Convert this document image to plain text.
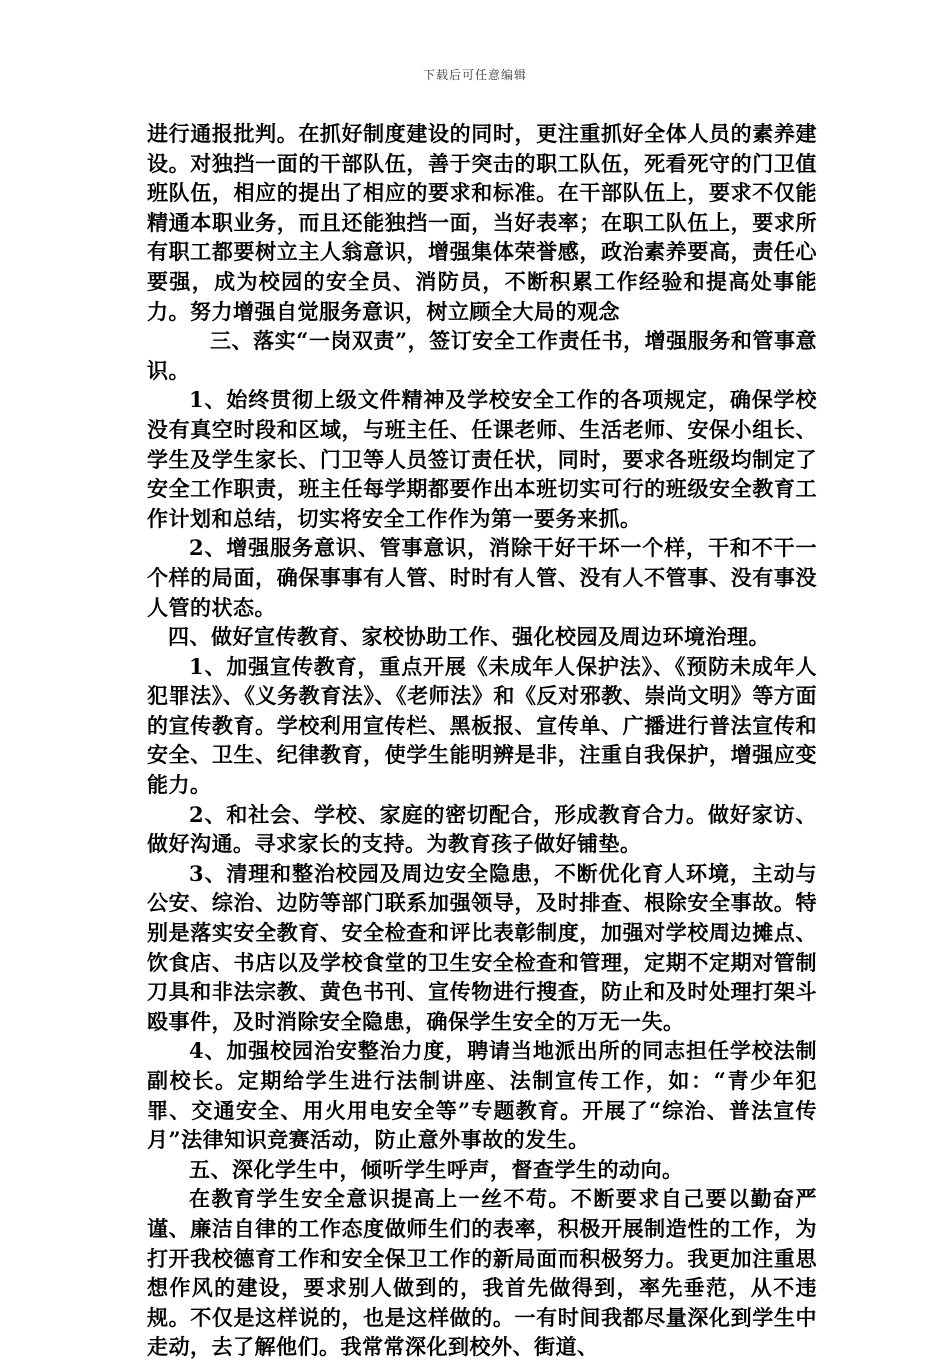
下载后可任意编辑

进行通报批判。在抓好制度建设的同时，更注重抓好全体人员的素养建设。对独挡一面的干部队伍，善于突击的职工队伍，死看死守的门卫值班队伍，相应的提出了相应的要求和标准。在干部队伍上，要求不仅能精通本职业务，而且还能独挡一面，当好表率；在职工队伍上，要求所有职工都要树立主人翁意识，增强集体荣誉感，政治素养要高，责任心要强，成为校园的安全员、消防员，不断积累工作经验和提高处事能力。努力增强自觉服务意识，树立顾全大局的观念

三、落实“一岗双责”，签订安全工作责任书，增强服务和管事意识。

1、始终贯彻上级文件精神及学校安全工作的各项规定，确保学校没有真空时段和区域，与班主任、任课老师、生活老师、安保小组长、学生及学生家长、门卫等人员签订责任状，同时，要求各班级均制定了安全工作职责，班主任每学期都要作出本班切实可行的班级安全教育工作计划和总结，切实将安全工作作为第一要务来抓。

2、增强服务意识、管事意识，消除干好干坏一个样，干和不干一个样的局面，确保事事有人管、时时有人管、没有人不管事、没有事没人管的状态。

四、做好宣传教育、家校协助工作、强化校园及周边环境治理。

1、加强宣传教育，重点开展《未成年人保护法》、《预防未成年人犯罪法》、《义务教育法》、《老师法》和《反对邪教、崇尚文明》等方面的宣传教育。学校利用宣传栏、黑板报、宣传单、广播进行普法宣传和安全、卫生、纪律教育，使学生能明辨是非，注重自我保护，增强应变能力。

2、和社会、学校、家庭的密切配合，形成教育合力。做好家访、做好沟通。寻求家长的支持。为教育孩子做好铺垫。

3、清理和整治校园及周边安全隐患，不断优化育人环境，主动与公安、综治、边防等部门联系加强领导，及时排查、根除安全事故。特别是落实安全教育、安全检查和评比表彰制度，加强对学校周边摊点、饮食店、书店以及学校食堂的卫生安全检查和管理，定期不定期对管制刀具和非法宗教、黄色书刊、宣传物进行搜查，防止和及时处理打架斗殴事件，及时消除安全隐患，确保学生安全的万无一失。

4、加强校园治安整治力度，聘请当地派出所的同志担任学校法制副校长。定期给学生进行法制讲座、法制宣传工作，如：“青少年犯罪、交通安全、用火用电安全等”专题教育。开展了“综治、普法宣传月”法律知识竞赛活动，防止意外事故的发生。

五、深化学生中，倾听学生呼声，督查学生的动向。

在教育学生安全意识提高上一丝不苟。不断要求自己要以勤奋严谨、廉洁自律的工作态度做师生们的表率，积极开展制造性的工作，为打开我校德育工作和安全保卫工作的新局面而积极努力。我更加注重思想作风的建设，要求别人做到的，我首先做得到，率先垂范，从不违规。不仅是这样说的，也是这样做的。一有时间我都尽量深化到学生中走动，去了解他们。我常常深化到校外、街道、
